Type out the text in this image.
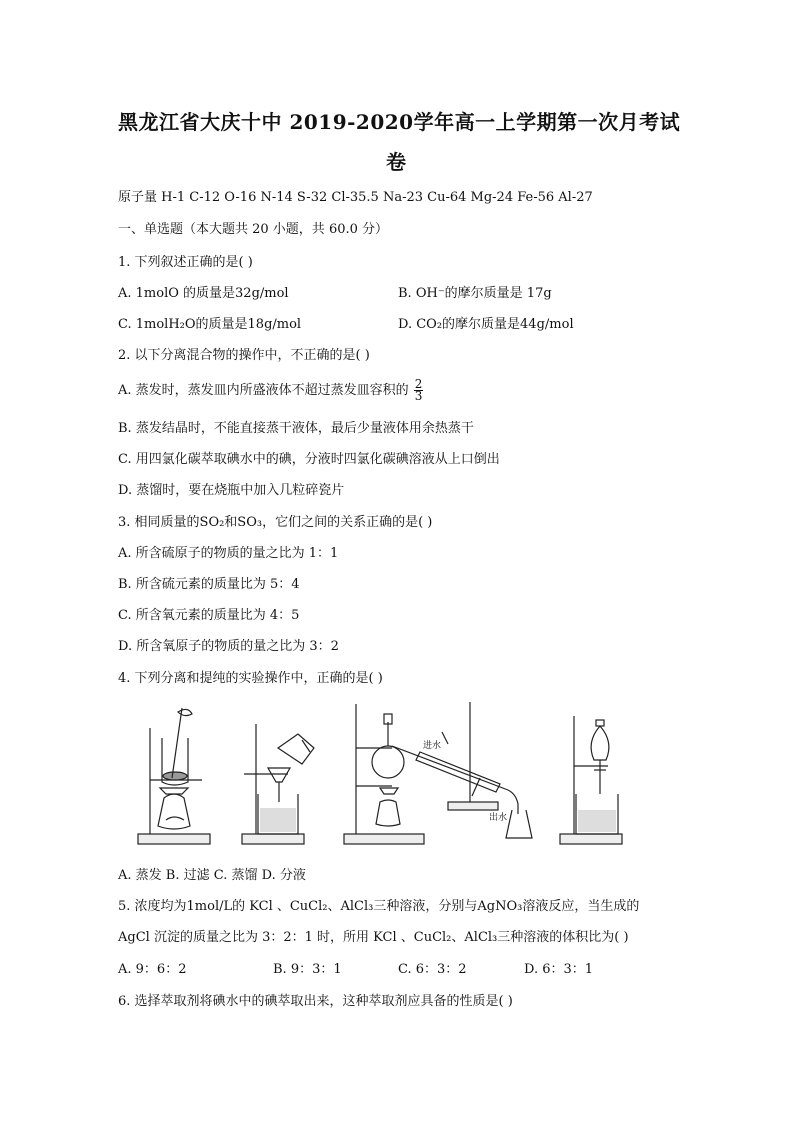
黑龙江省大庆十中 2019-2020学年高一上学期第一次月考试
卷
原子量 H-1 C-12 O-16 N-14 S-32 Cl-35.5 Na-23 Cu-64 Mg-24 Fe-56 Al-27
一、单选题（本大题共 20 小题，共 60.0 分）
1. 下列叙述正确的是( )
A. 1molO 的质量是32g/mol	B. OH⁻的摩尔质量是 17g
C. 1molH₂O的质量是18g/mol	D. CO₂的摩尔质量是44g/mol
2. 以下分离混合物的操作中，不正确的是( )
A. 蒸发时，蒸发皿内所盛液体不超过蒸发皿容积的 $\frac{2}{3}$
B. 蒸发结晶时，不能直接蒸干液体，最后少量液体用余热蒸干
C. 用四氯化碳萃取碘水中的碘，分液时四氯化碳碘溶液从上口倒出
D. 蒸馏时，要在烧瓶中加入几粒碎瓷片
3. 相同质量的SO₂和SO₃，它们之间的关系正确的是( )
A. 所含硫原子的物质的量之比为 1：1
B. 所含硫元素的质量比为 5：4
C. 所含氧元素的质量比为 4：5
D. 所含氧原子的物质的量之比为 3：2
4. 下列分离和提纯的实验操作中，正确的是( )
进水
出水
A. 蒸发 B. 过滤 C. 蒸馏 D. 分液
5. 浓度均为1mol/L的 KCl 、CuCl₂、AlCl₃三种溶液，分别与AgNO₃溶液反应，当生成的
AgCl 沉淀的质量之比为 3：2：1 时，所用 KCl 、CuCl₂、AlCl₃三种溶液的体积比为( )
A. 9：6：2	B. 9：3：1	C. 6：3：2	D. 6：3：1
6. 选择萃取剂将碘水中的碘萃取出来，这种萃取剂应具备的性质是( )
